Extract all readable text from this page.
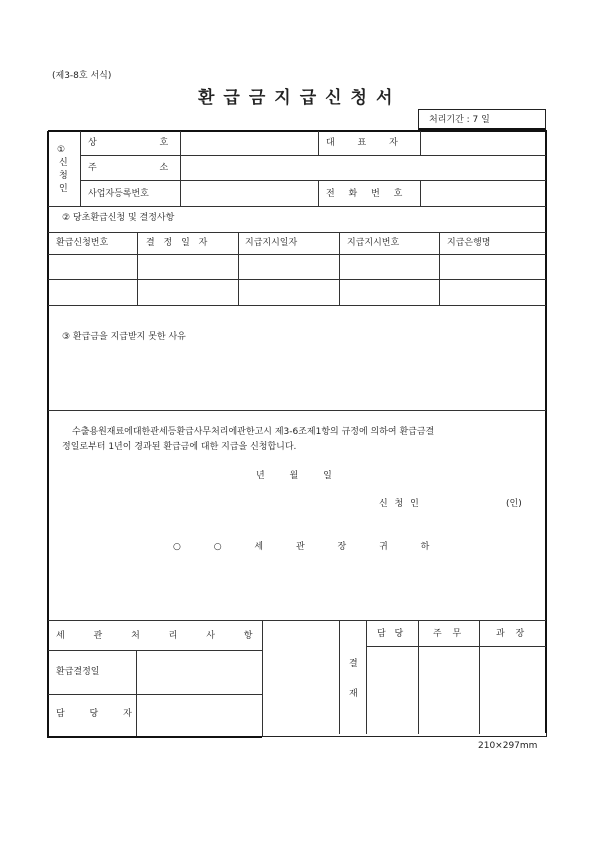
(제3-8호 서식)
환급금지급신청서
처리기간 : 7 일
①
신
청
인
상 호	대 표 자
주 소
사업자등록번호	전 화 번 호
② 당초환급신청 및 결정사항
환급신청번호	결 정 일 자	지급지시일자	지급지시번호	지급은행명
③ 환급금을 지급받지 못한 사유
수출용원재료에대한관세등환급사무처리에관한고시 제3-6조제1항의 규정에 의하여 환급금결
정일로부터 1년이 경과된 환급금에 대한 지급을 신청합니다.
년 월 일
신 청 인	(인)
○ ○ 세 관 장 귀 하
세 관 처 리 사 항
환급결정일
담 당 자
결
재
담 당	주 무	과 장
210×297mm
